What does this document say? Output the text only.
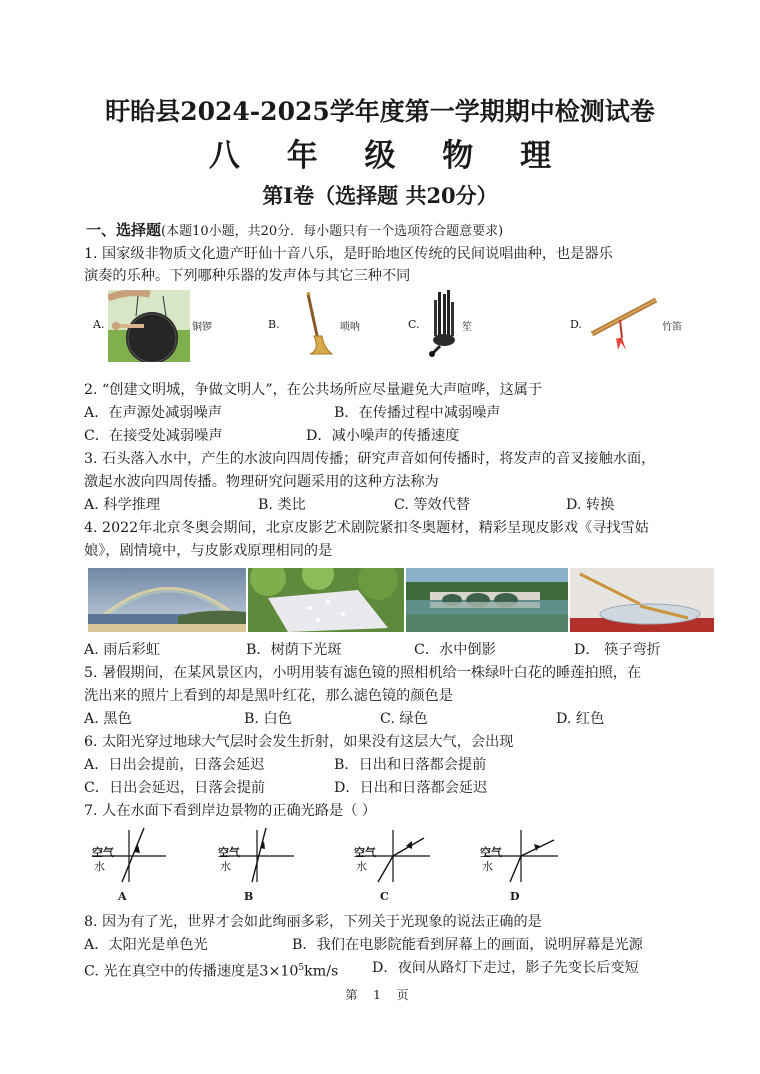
盱眙县2024-2025学年度第一学期期中检测试卷
八 年 级 物 理
第Ⅰ卷（选择题 共20分）
一、选择题(本题10小题，共20分．每小题只有一个选项符合题意要求)
1. 国家级非物质文化遗产盱仙十音八乐，是盱眙地区传统的民间说唱曲种，也是器乐
演奏的乐种。下列哪种乐器的发声体与其它三种不同
A.	铜锣	B.	唢呐	C.	笙	D.	竹笛
2. “创建文明城，争做文明人”，在公共场所应尽量避免大声喧哗，这属于
A．在声源处减弱噪声	B．在传播过程中减弱噪声
C．在接受处减弱噪声	D．减小噪声的传播速度
3. 石头落入水中，产生的水波向四周传播；研究声音如何传播时，将发声的音叉接触水面，
激起水波向四周传播。物理研究问题采用的这种方法称为
A. 科学推理	B. 类比	C. 等效代替	D. 转换
4. 2022年北京冬奥会期间，北京皮影艺术剧院紧扣冬奥题材，精彩呈现皮影戏《寻找雪姑
娘》，剧情境中，与皮影戏原理相同的是
A. 雨后彩虹	B．树荫下光斑	C．水中倒影	D． 筷子弯折
5. 暑假期间，在某风景区内，小明用装有滤色镜的照相机给一株绿叶白花的睡莲拍照，在
洗出来的照片上看到的却是黑叶红花，那么滤色镜的颜色是
A. 黑色	B. 白色	C. 绿色	D. 红色
6. 太阳光穿过地球大气层时会发生折射，如果没有这层大气，会出现
A．日出会提前，日落会延迟	B．日出和日落都会提前
C．日出会延迟，日落会提前	D．日出和日落都会延迟
7. 人在水面下看到岸边景物的正确光路是（ ）
空气
水
A
空气
水
B
空气
水
C
空气
水
D
8. 因为有了光，世界才会如此绚丽多彩，下列关于光现象的说法正确的是
A．太阳光是单色光	B．我们在电影院能看到屏幕上的画面，说明屏幕是光源
C. 光在真空中的传播速度是$3\times 10^5km/s$ D．夜间从路灯下走过，影子先变长后变短
第 1 页
